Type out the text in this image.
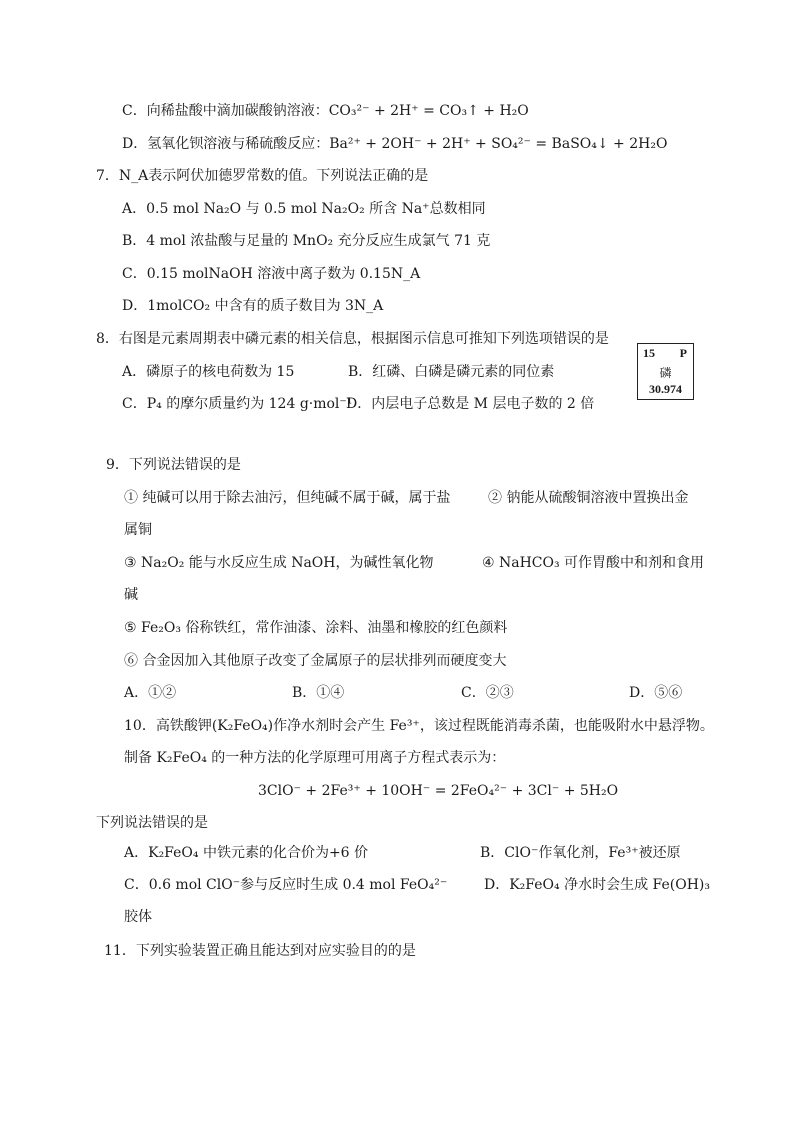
C．向稀盐酸中滴加碳酸钠溶液：CO₃²⁻ + 2H⁺ = CO₃↑ + H₂O
D．氢氧化钡溶液与稀硫酸反应：Ba²⁺ + 2OH⁻ + 2H⁺ + SO₄²⁻ = BaSO₄↓ + 2H₂O
7．N_A表示阿伏加德罗常数的值。下列说法正确的是
A．0.5 mol Na₂O 与 0.5 mol Na₂O₂ 所含 Na⁺总数相同
B．4 mol 浓盐酸与足量的 MnO₂ 充分反应生成氯气 71 克
C．0.15 molNaOH 溶液中离子数为 0.15N_A
D．1molCO₂ 中含有的质子数目为 3N_A
8．右图是元素周期表中磷元素的相关信息，根据图示信息可推知下列选项错误的是
A．磷原子的核电荷数为 15	B．红磷、白磷是磷元素的同位素
C．P₄ 的摩尔质量约为 124 g·mol⁻¹
D．内层电子总数是 M 层电子数的 2 倍
15 P
磷
30.974
9．下列说法错误的是
① 纯碱可以用于除去油污，但纯碱不属于碱，属于盐	② 钠能从硫酸铜溶液中置换出金
属铜
③ Na₂O₂ 能与水反应生成 NaOH，为碱性氧化物	④ NaHCO₃ 可作胃酸中和剂和食用
碱
⑤ Fe₂O₃ 俗称铁红，常作油漆、涂料、油墨和橡胶的红色颜料
⑥ 合金因加入其他原子改变了金属原子的层状排列而硬度变大
A．①②	B．①④	C．②③	D．⑤⑥
10．高铁酸钾(K₂FeO₄)作净水剂时会产生 Fe³⁺，该过程既能消毒杀菌，也能吸附水中悬浮物。
制备 K₂FeO₄ 的一种方法的化学原理可用离子方程式表示为：
3ClO⁻ + 2Fe³⁺ + 10OH⁻ = 2FeO₄²⁻ + 3Cl⁻ + 5H₂O
下列说法错误的是
A．K₂FeO₄ 中铁元素的化合价为+6 价	B．ClO⁻作氧化剂，Fe³⁺被还原
C．0.6 mol ClO⁻参与反应时生成 0.4 mol FeO₄²⁻	D．K₂FeO₄ 净水时会生成 Fe(OH)₃
胶体
11．下列实验装置正确且能达到对应实验目的的是
